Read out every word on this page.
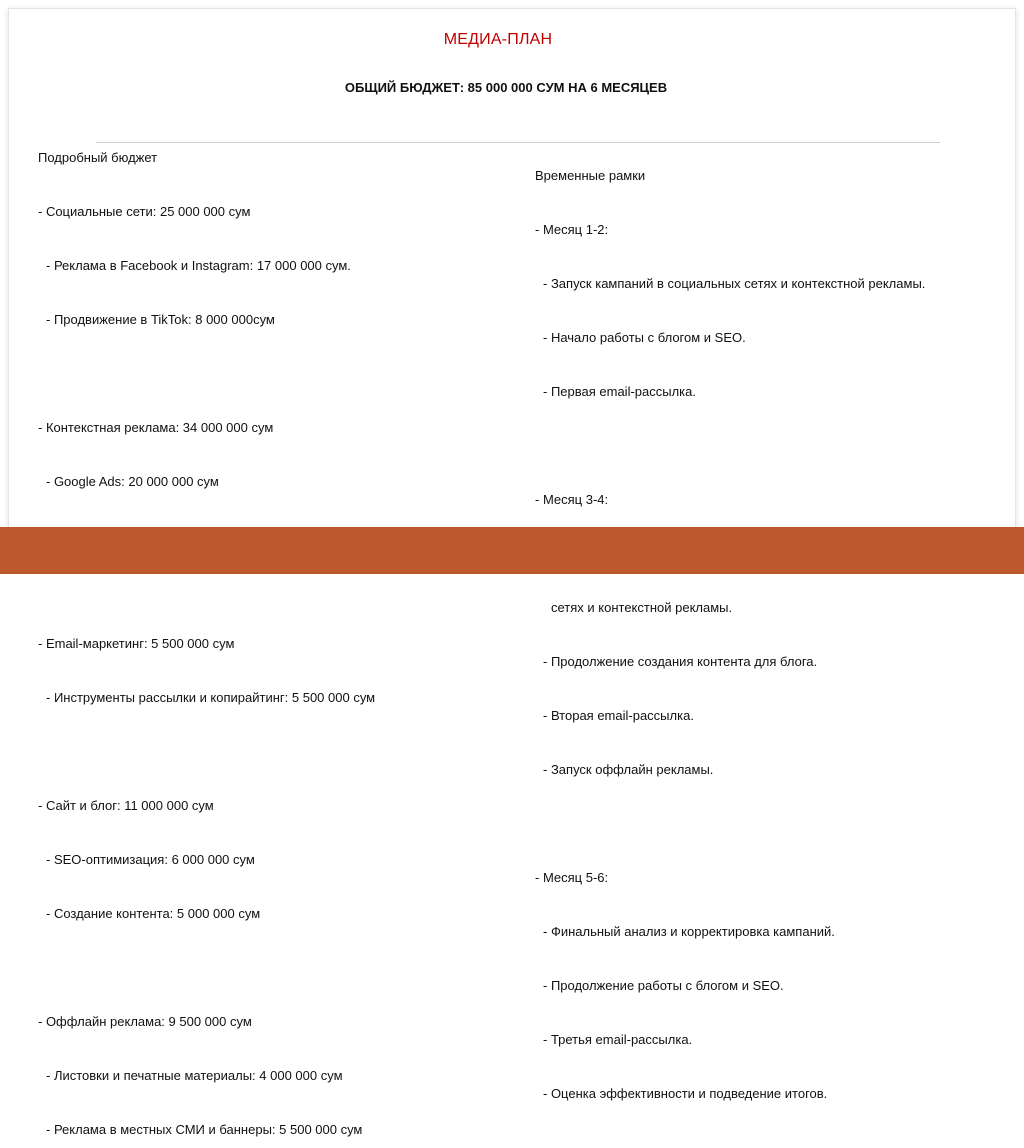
МЕДИА-ПЛАН
ОБЩИЙ БЮДЖЕТ: 85 000 000 СУМ НА 6 МЕСЯЦЕВ

Подробный бюджет

- Социальные сети: 25 000 000 сум

- Реклама в Facebook и Instagram: 17 000 000 сум.

- Продвижение в TikTok: 8 000 000сум

- Контекстная реклама: 34 000 000 сум

- Google Ads: 20 000 000 сум

- Email-маркетинг: 5 500 000 сум

- Инструменты рассылки и копирайтинг: 5 500 000 сум

- Сайт и блог: 11 000 000 сум

- SEO-оптимизация: 6 000 000 сум

- Создание контента: 5 000 000 сум

- Оффлайн реклама: 9 500 000 сум

- Листовки и печатные материалы: 4 000 000 сум

- Реклама в местных СМИ и баннеры: 5 500 000 сум

Временные рамки

- Месяц 1-2:

- Запуск кампаний в социальных сетях и контекстной рекламы.

- Начало работы с блогом и SEO.

- Первая email-рассылка.

- Месяц 3-4:

сетях и контекстной рекламы.

- Продолжение создания контента для блога.

- Вторая email-рассылка.

- Запуск оффлайн рекламы.

- Месяц 5-6:

- Финальный анализ и корректировка кампаний.

- Продолжение работы с блогом и SEO.

- Третья email-рассылка.

- Оценка эффективности и подведение итогов.
